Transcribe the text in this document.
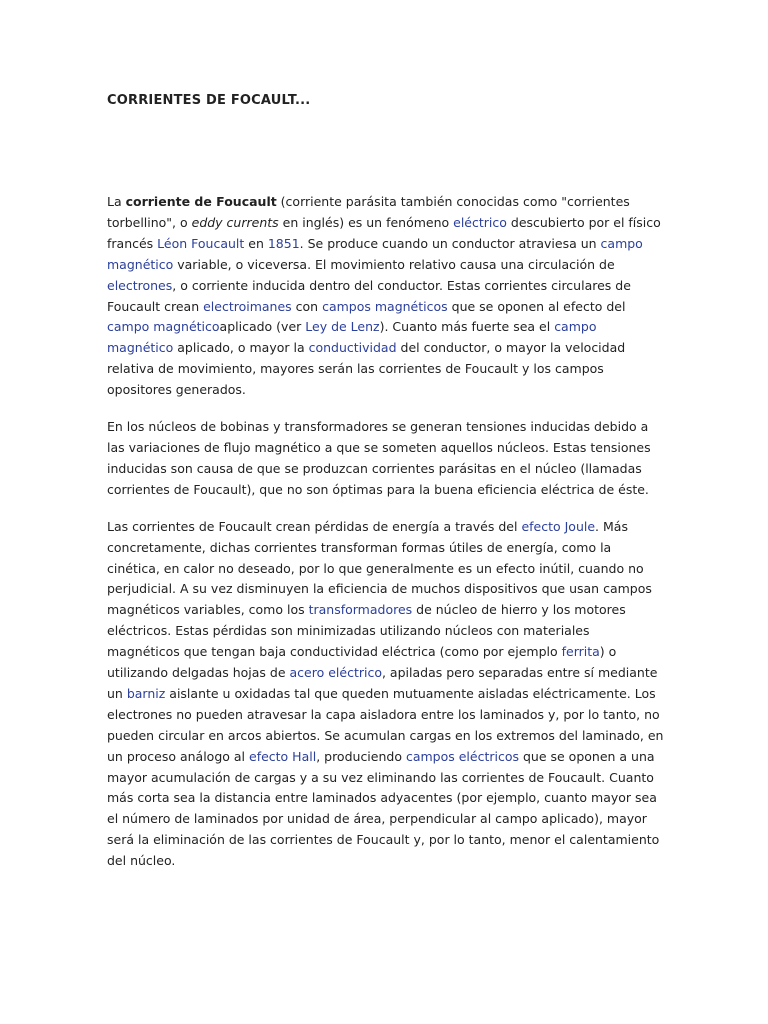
CORRIENTES DE FOCAULT...

La corriente de Foucault (corriente parásita también conocidas como "corrientes torbellino", o eddy currents en inglés) es un fenómeno eléctrico descubierto por el físico francés Léon Foucault en 1851. Se produce cuando un conductor atraviesa un campo magnético variable, o viceversa. El movimiento relativo causa una circulación de electrones, o corriente inducida dentro del conductor. Estas corrientes circulares de Foucault crean electroimanes con campos magnéticos que se oponen al efecto del campo magnéticoaplicado (ver Ley de Lenz). Cuanto más fuerte sea el campo magnético aplicado, o mayor la conductividad del conductor, o mayor la velocidad relativa de movimiento, mayores serán las corrientes de Foucault y los campos opositores generados.

En los núcleos de bobinas y transformadores se generan tensiones inducidas debido a las variaciones de flujo magnético a que se someten aquellos núcleos. Estas tensiones inducidas son causa de que se produzcan corrientes parásitas en el núcleo (llamadas corrientes de Foucault), que no son óptimas para la buena eficiencia eléctrica de éste.

Las corrientes de Foucault crean pérdidas de energía a través del efecto Joule. Más concretamente, dichas corrientes transforman formas útiles de energía, como la cinética, en calor no deseado, por lo que generalmente es un efecto inútil, cuando no perjudicial. A su vez disminuyen la eficiencia de muchos dispositivos que usan campos magnéticos variables, como los transformadores de núcleo de hierro y los motores eléctricos. Estas pérdidas son minimizadas utilizando núcleos con materiales magnéticos que tengan baja conductividad eléctrica (como por ejemplo ferrita) o utilizando delgadas hojas de acero eléctrico, apiladas pero separadas entre sí mediante un barniz aislante u oxidadas tal que queden mutuamente aisladas eléctricamente. Los electrones no pueden atravesar la capa aisladora entre los laminados y, por lo tanto, no pueden circular en arcos abiertos. Se acumulan cargas en los extremos del laminado, en un proceso análogo al efecto Hall, produciendo campos eléctricos que se oponen a una mayor acumulación de cargas y a su vez eliminando las corrientes de Foucault. Cuanto más corta sea la distancia entre laminados adyacentes (por ejemplo, cuanto mayor sea el número de laminados por unidad de área, perpendicular al campo aplicado), mayor será la eliminación de las corrientes de Foucault y, por lo tanto, menor el calentamiento del núcleo.
